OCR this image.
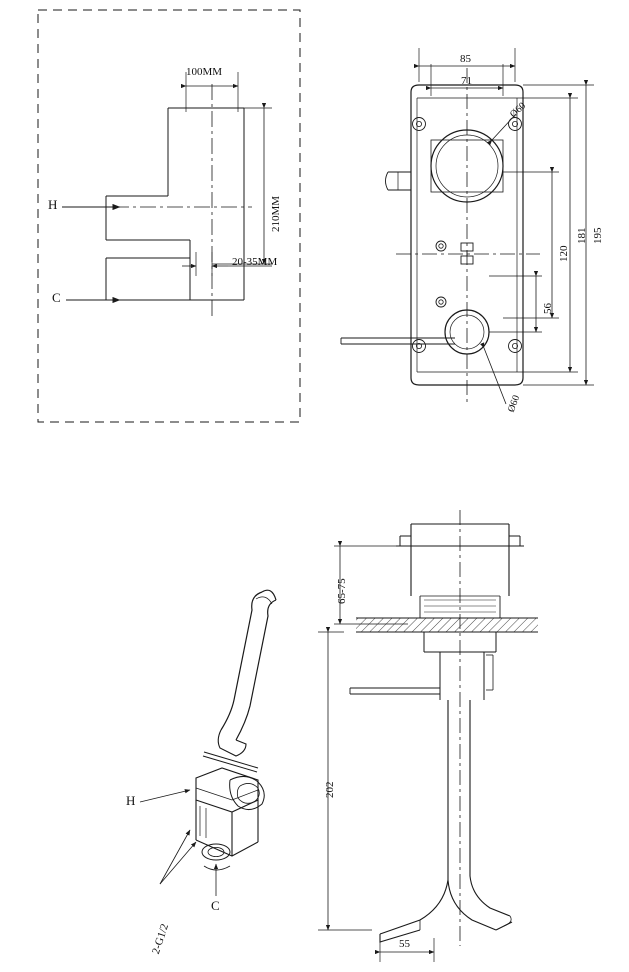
100MM
210MM
20-35MM
H
C
85
71
195
181
120
56
Ø60
Ø60
H
C
2-G1/2
65-75
202
55
